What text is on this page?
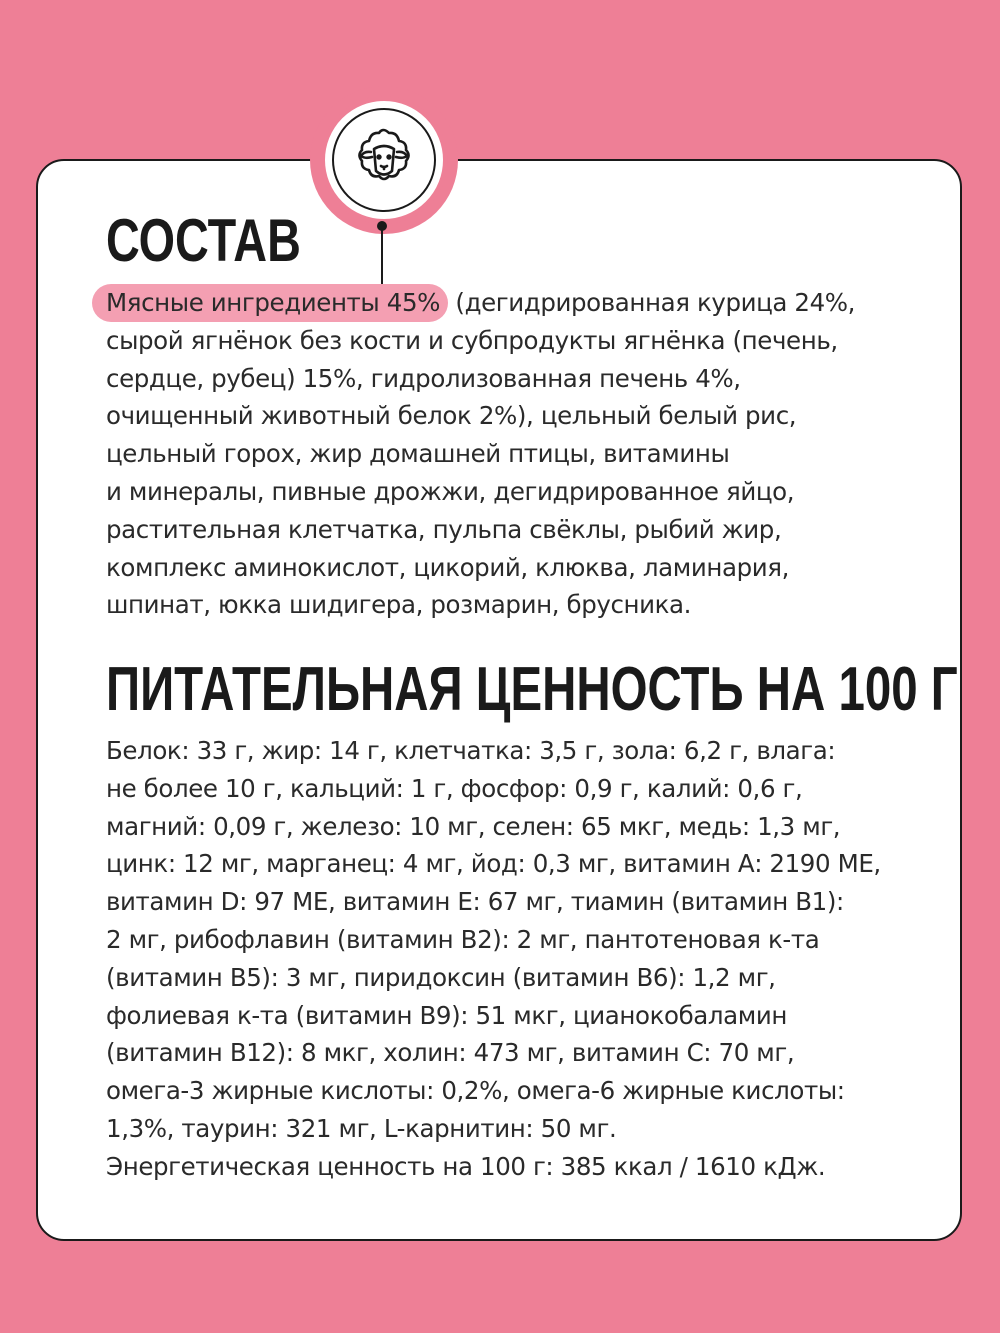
СОСТАВ
Мясные ингредиенты 45% (дегидрированная курица 24%,
сырой ягнёнок без кости и субпродукты ягнёнка (печень,
сердце, рубец) 15%, гидролизованная печень 4%,
очищенный животный белок 2%), цельный белый рис,
цельный горох, жир домашней птицы, витамины
и минералы, пивные дрожжи, дегидрированное яйцо,
растительная клетчатка, пульпа свёклы, рыбий жир,
комплекс аминокислот, цикорий, клюква, ламинария,
шпинат, юкка шидигера, розмарин, брусника.
ПИТАТЕЛЬНАЯ ЦЕННОСТЬ НА 100 Г
Белок: 33 г, жир: 14 г, клетчатка: 3,5 г, зола: 6,2 г, влага:
не более 10 г, кальций: 1 г, фосфор: 0,9 г, калий: 0,6 г,
магний: 0,09 г, железо: 10 мг, селен: 65 мкг, медь: 1,3 мг,
цинк: 12 мг, марганец: 4 мг, йод: 0,3 мг, витамин А: 2190 МЕ,
витамин D: 97 МЕ, витамин Е: 67 мг, тиамин (витамин В1):
2 мг, рибофлавин (витамин В2): 2 мг, пантотеновая к-та
(витамин В5): 3 мг, пиридоксин (витамин В6): 1,2 мг,
фолиевая к-та (витамин В9): 51 мкг, цианокобаламин
(витамин В12): 8 мкг, холин: 473 мг, витамин С: 70 мг,
омега-3 жирные кислоты: 0,2%, омега-6 жирные кислоты:
1,3%, таурин: 321 мг, L-карнитин: 50 мг.
Энергетическая ценность на 100 г: 385 ккал / 1610 кДж.
